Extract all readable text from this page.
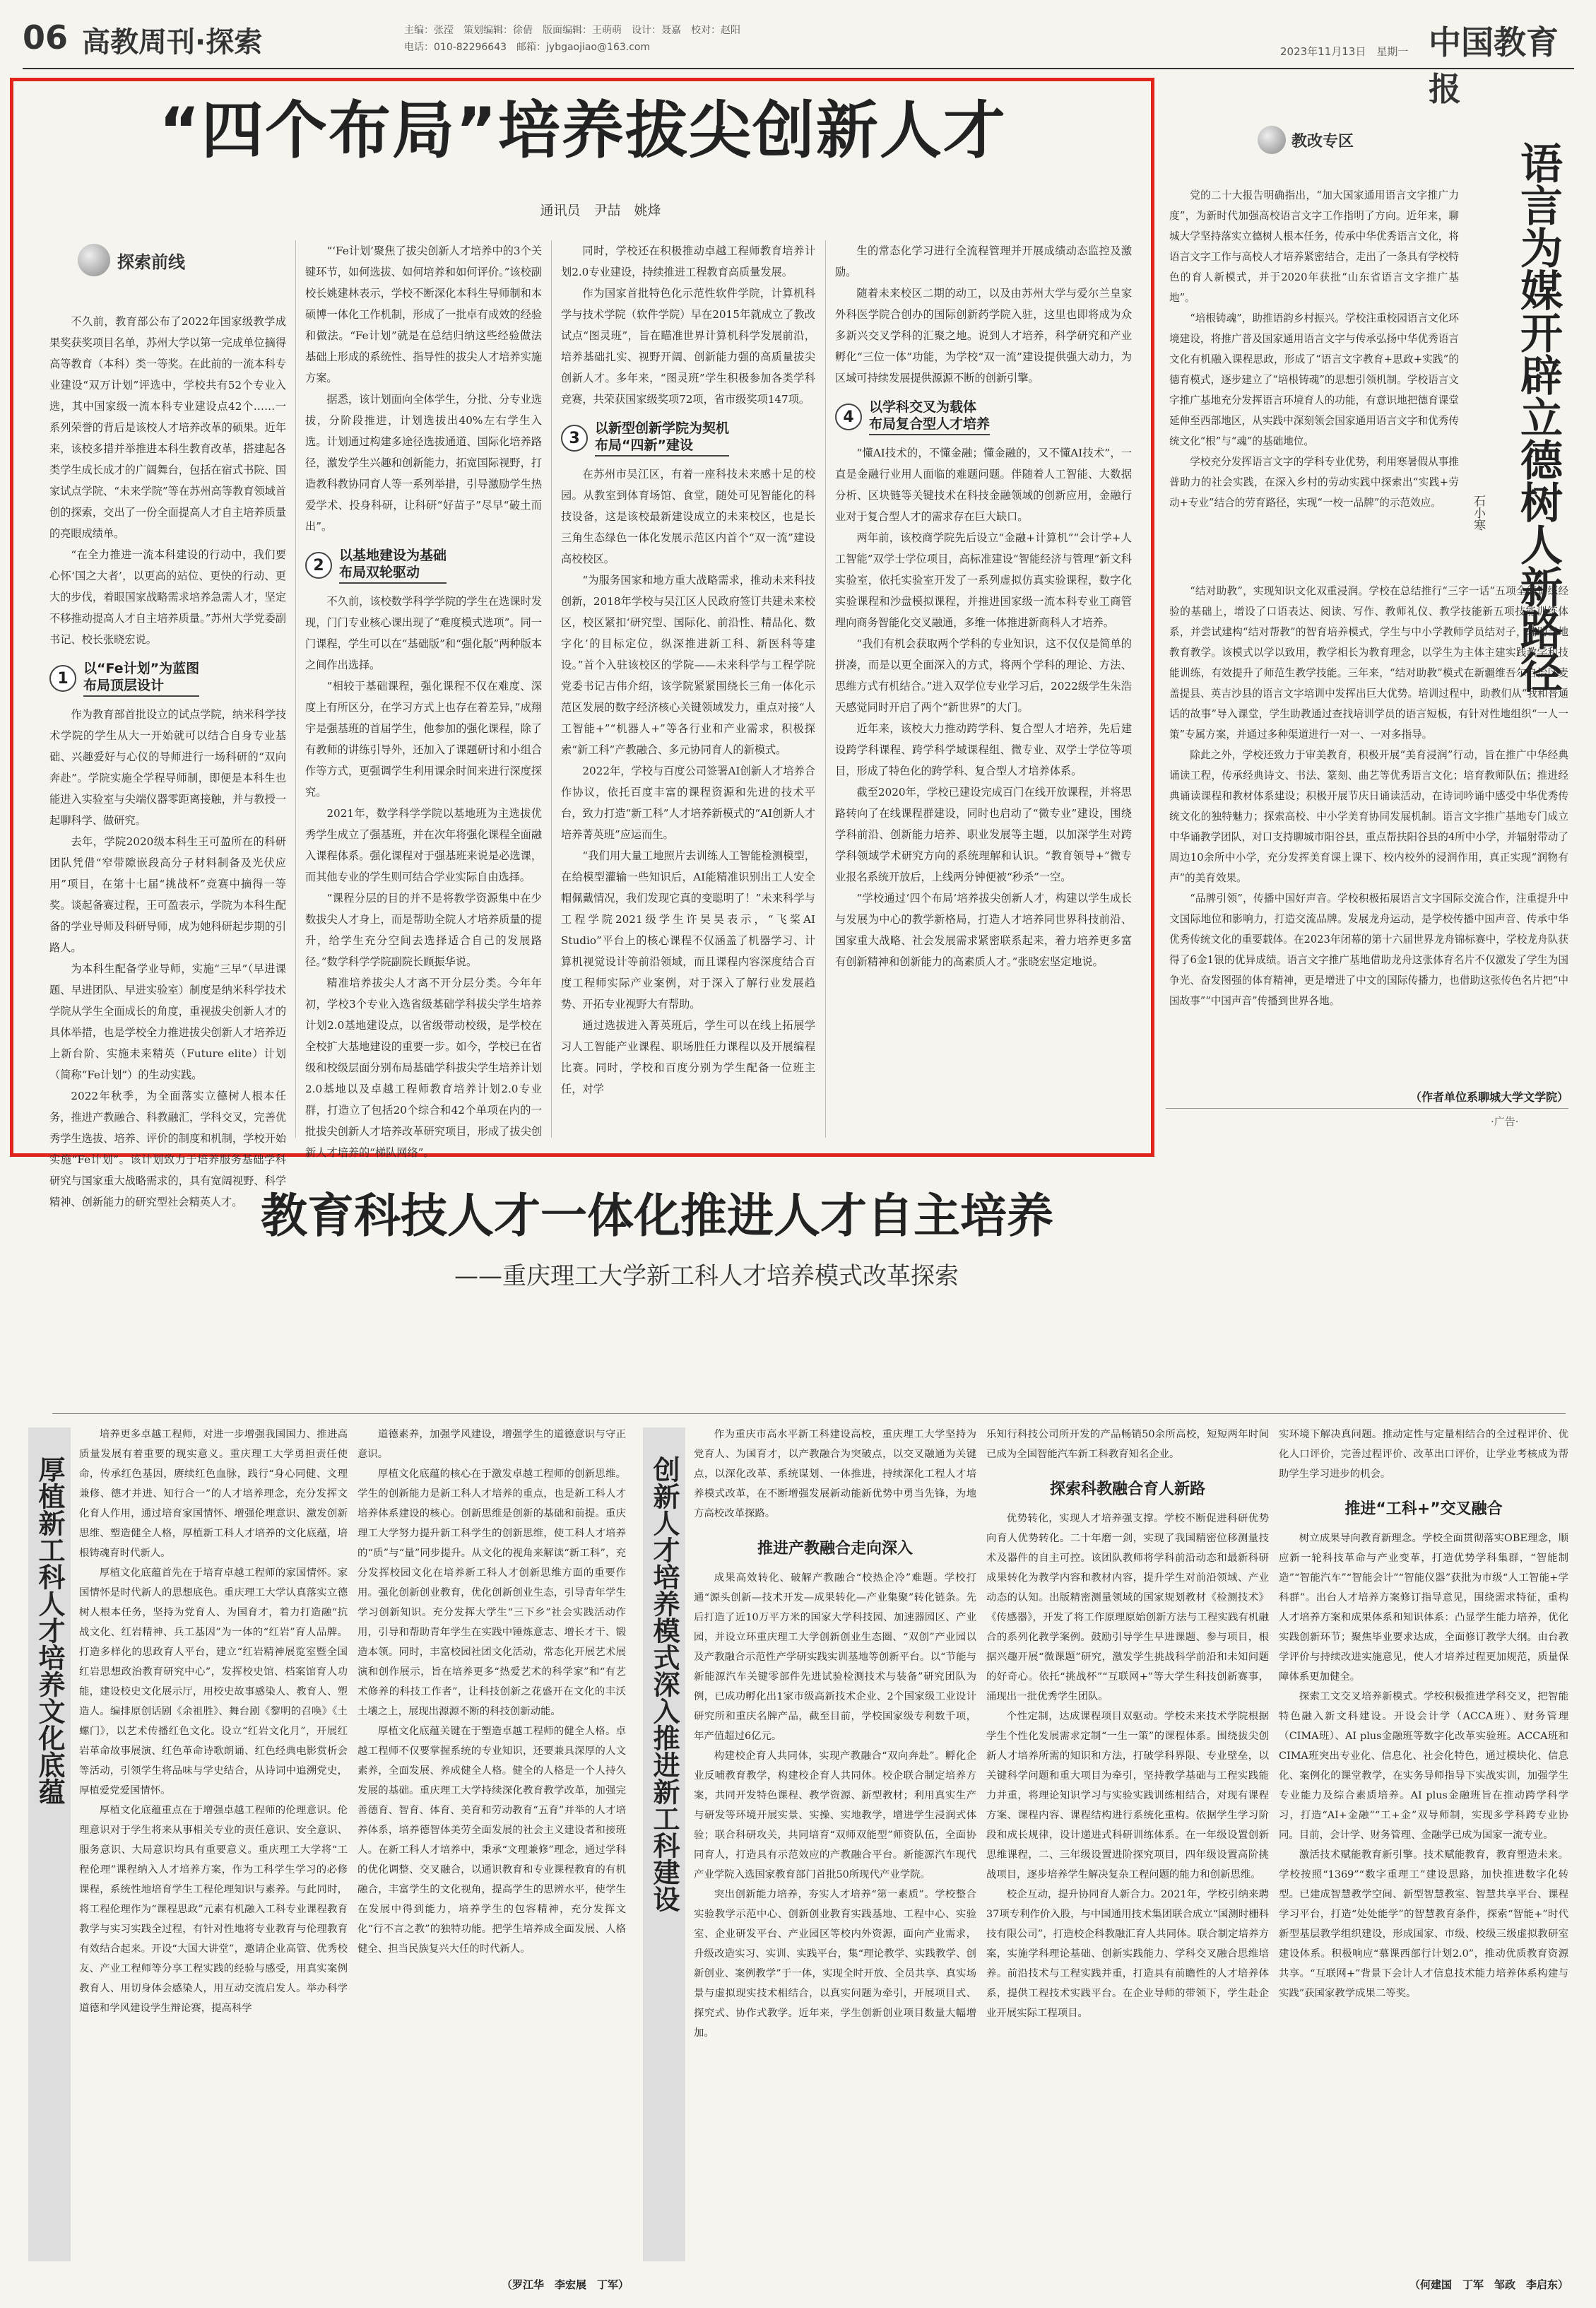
06 高教周刊·探索	主编：张滢　策划编辑：徐倩　版面编辑：王萌萌　设计：聂嘉　校对：赵阳
电话：010-82296643　邮箱：jybgaojiao@163.com	2023年11月13日　星期一 中国教育报
“四个布局”培养拔尖创新人才
通讯员　尹喆　姚烽
探索前线

不久前，教育部公布了2022年国家级教学成果奖获奖项目名单，苏州大学以第一完成单位摘得高等教育（本科）类一等奖。在此前的一流本科专业建设“双万计划”评选中，学校共有52个专业入选，其中国家级一流本科专业建设点42个……一系列荣誉的背后是该校人才培养改革的硕果。近年来，该校多措并举推进本科生教育改革，搭建起各类学生成长成才的广阔舞台，包括在宿式书院、国家试点学院、“未来学院”等在苏州高等教育领域首创的探索，交出了一份全面提高人才自主培养质量的亮眼成绩单。

“在全力推进一流本科建设的行动中，我们要心怀‘国之大者’，以更高的站位、更快的行动、更大的步伐，着眼国家战略需求培养急需人才，坚定不移推动提高人才自主培养质量。”苏州大学党委副书记、校长张晓宏说。

1
以“Fe计划”为蓝图
布局顶层设计

作为教育部首批设立的试点学院，纳米科学技术学院的学生从大一开始就可以结合自身专业基础、兴趣爱好与心仪的导师进行一场科研的“双向奔赴”。学院实施全学程导师制，即便是本科生也能进入实验室与尖端仪器零距离接触，并与教授一起聊科学、做研究。

去年，学院2020级本科生王可盈所在的科研团队凭借“窄带隙嵌段高分子材料制备及光伏应用”项目，在第十七届“挑战杯”竞赛中摘得一等奖。谈起备赛过程，王可盈表示，学院为本科生配备的学业导师及科研导师，成为她科研起步期的引路人。

为本科生配备学业导师，实施“三早”（早进课题、早进团队、早进实验室）制度是纳米科学技术学院从学生全面成长的角度，重视拔尖创新人才的具体举措，也是学校全力推进拔尖创新人才培养迈上新台阶、实施未来精英（Future elite）计划（简称“Fe计划”）的生动实践。

2022年秋季，为全面落实立德树人根本任务，推进产教融合、科教融汇，学科交叉，完善优秀学生选拔、培养、评价的制度和机制，学校开始实施“Fe计划”。该计划致力于培养服务基础学科研究与国家重大战略需求的，具有宽阔视野、科学精神、创新能力的研究型社会精英人才。

“‘Fe计划’聚焦了拔尖创新人才培养中的3个关键环节，如何选拔、如何培养和如何评价。”该校副校长姚建林表示，学校不断深化本科生导师制和本硕博一体化工作机制，形成了一批卓有成效的经验和做法。“Fe计划”就是在总结归纳这些经验做法基础上形成的系统性、指导性的拔尖人才培养实施方案。

据悉，该计划面向全体学生，分批、分专业选拔，分阶段推进，计划选拔出40%左右学生入选。计划通过构建多途径选拔通道、国际化培养路径，激发学生兴趣和创新能力，拓宽国际视野，打造教科教协同育人等一系列举措，引导激励学生热爱学术、投身科研，让科研“好苗子”尽早“破土而出”。

2
以基地建设为基础
布局双轮驱动

不久前，该校数学科学学院的学生在选课时发现，门门专业核心课出现了“难度模式选项”。同一门课程，学生可以在“基础版”和“强化版”两种版本之间作出选择。

“相较于基础课程，强化课程不仅在难度、深度上有所区分，在学习方式上也存在着差异，”成翔宇是强基班的首届学生，他参加的强化课程，除了有教师的讲练引导外，还加入了课题研讨和小组合作等方式，更强调学生利用课余时间来进行深度探究。

2021年，数学科学学院以基地班为主选拔优秀学生成立了强基班，并在次年将强化课程全面融入课程体系。强化课程对于强基班来说是必选课，而其他专业的学生则可结合学业实际自由选择。

“课程分层的目的并不是将教学资源集中在少数拔尖人才身上，而是帮助全院人才培养质量的提升，给学生充分空间去选择适合自己的发展路径。”数学科学学院副院长顾振华说。

精准培养拔尖人才离不开分层分类。今年年初，学校3个专业入选省级基础学科拔尖学生培养计划2.0基地建设点，以省级带动校级，是学校在全校扩大基地建设的重要一步。如今，学校已在省级和校级层面分别布局基础学科拔尖学生培养计划2.0基地以及卓越工程师教育培养计划2.0专业群，打造立了包括20个综合和42个单项在内的一批拔尖创新人才培养改革研究项目，形成了拔尖创新人才培养的“梯队网络”。

同时，学校还在积极推动卓越工程师教育培养计划2.0专业建设，持续推进工程教育高质量发展。

作为国家首批特色化示范性软件学院，计算机科学与技术学院（软件学院）早在2015年就成立了教改试点“图灵班”，旨在瞄准世界计算机科学发展前沿，培养基础扎实、视野开阔、创新能力强的高质量拔尖创新人才。多年来，“图灵班”学生积极参加各类学科竞赛，共荣获国家级奖项72项，省市级奖项147项。

3
以新型创新学院为契机
布局“四新”建设

在苏州市吴江区，有着一座科技未来感十足的校园。从教室到体育场馆、食堂，随处可见智能化的科技设备，这是该校最新建设成立的未来校区，也是长三角生态绿色一体化发展示范区内首个“双一流”建设高校校区。

“为服务国家和地方重大战略需求，推动未来科技创新，2018年学校与吴江区人民政府签订共建未来校区，校区紧扣‘研究型、国际化、前沿性、精品化、数字化’的目标定位，纵深推进新工科、新医科等建设。”首个入驻该校区的学院——未来科学与工程学院党委书记吉伟介绍，该学院紧紧围绕长三角一体化示范区发展的数字经济核心关键领域发力，重点对接“人工智能+”“机器人+”等各行业和产业需求，积极探索“新工科”产教融合、多元协同育人的新模式。

2022年，学校与百度公司签署AI创新人才培养合作协议，依托百度丰富的课程资源和先进的技术平台，致力打造“新工科”人才培养新模式的“AI创新人才培养菁英班”应运而生。

“我们用大量工地照片去训练人工智能检测模型，在给模型灌输一些知识后，AI能精准识别出工人安全帽佩戴情况，我们发现它真的变聪明了！”未来科学与工程学院2021级学生许昊昊表示，“飞桨AI Studio”平台上的核心课程不仅涵盖了机器学习、计算机视觉设计等前沿领域，而且课程内容深度结合百度工程师实际产业案例，对于深入了解行业发展趋势、开拓专业视野大有帮助。

通过选拔进入菁英班后，学生可以在线上拓展学习人工智能产业课程、职场胜任力课程以及开展编程比赛。同时，学校和百度分别为学生配备一位班主任，对学

生的常态化学习进行全流程管理并开展成绩动态监控及激励。

随着未来校区二期的动工，以及由苏州大学与爱尔兰皇家外科医学院合创办的国际创新药学院入驻，这里也即将成为众多新兴交叉学科的汇聚之地。说到人才培养，科学研究和产业孵化“三位一体”功能，为学校“双一流”建设提供强大动力，为区域可持续发展提供源源不断的创新引擎。

4
以学科交叉为载体
布局复合型人才培养

“懂AI技术的，不懂金融；懂金融的，又不懂AI技术”，一直是金融行业用人面临的难题问题。伴随着人工智能、大数据分析、区块链等关键技术在科技金融领域的创新应用，金融行业对于复合型人才的需求存在巨大缺口。

两年前，该校商学院先后设立“金融+计算机”“会计学+人工智能”双学士学位项目，高标准建设“智能经济与管理”新文科实验室，依托实验室开发了一系列虚拟仿真实验课程，数字化实验课程和沙盘模拟课程，并推进国家级一流本科专业工商管理向商务智能化交叉融通，多维一体推进新商科人才培养。

“我们有机会获取两个学科的专业知识，这不仅仅是简单的拼凑，而是以更全面深入的方式，将两个学科的理论、方法、思维方式有机结合。”进入双学位专业学习后，2022级学生朱浩天感觉同时开启了两个“新世界”的大门。

近年来，该校大力推动跨学科、复合型人才培养，先后建设跨学科课程、跨学科学域课程组、微专业、双学士学位等项目，形成了特色化的跨学科、复合型人才培养体系。

截至2020年，学校已建设完成百门在线开放课程，并将思路转向了在线课程群建设，同时也启动了“微专业”建设，围绕学科前沿、创新能力培养、职业发展等主题，以加深学生对跨学科领域学术研究方向的系统理解和认识。“教育领导+”微专业报名系统开放后，上线两分钟便被“秒杀”一空。

“学校通过‘四个布局’培养拔尖创新人才，构建以学生成长与发展为中心的教学新格局，打造人才培养同世界科技前沿、国家重大战略、社会发展需求紧密联系起来，着力培养更多富有创新精神和创新能力的高素质人才。”张晓宏坚定地说。

教改专区	语言为媒开辟立德树人新路径
石小寒

党的二十大报告明确指出，“加大国家通用语言文字推广力度”，为新时代加强高校语言文字工作指明了方向。近年来，聊城大学坚持落实立德树人根本任务，传承中华优秀语言文化，将语言文字工作与高校人才培养紧密结合，走出了一条具有学校特色的育人新模式，并于2020年获批“山东省语言文字推广基地”。

“培根铸魂”，助推语韵乡村振兴。学校注重校园语言文化环境建设，将推广普及国家通用语言文字与传承弘扬中华优秀语言文化有机融入课程思政，形成了“语言文字教育+思政+实践”的德育模式，逐步建立了“培根铸魂”的思想引领机制。学校语言文字推广基地充分发挥语言环境育人的功能，有意识地把德育课堂延伸至西部地区，从实践中深刻领会国家通用语言文字和优秀传统文化“根”与“魂”的基础地位。

学校充分发挥语言文字的学科专业优势，利用寒暑假从事推普助力的社会实践，在深入乡村的劳动实践中探索出“实践+劳动+专业”结合的劳育路径，实现“一校一品牌”的示范效应。

“结对助教”，实现知识文化双重浸润。学校在总结推行“三字一话”五项全能训练经验的基础上，增设了口语表达、阅读、写作、教师礼仪、教学技能新五项技能训练体系，并尝试建构“结对帮教”的智育培养模式，学生与中小学教师学员结对子，辅助当地教育教学。该模式以学以致用，教学相长为教育理念，以学生为主体主建实践教学和技能训练，有效提升了师范生教学技能。三年来，“结对助教”模式在新疆维吾尔自治区麦盖提县、英吉沙县的语言文字培训中发挥出巨大优势。培训过程中，助教们从“我和普通话的故事”导入课堂，学生助教通过查找培训学员的语言短板，有针对性地组织“一人一策”专属方案，并通过多种渠道进行一对一、一对多指导。

除此之外，学校还致力于审美教育，积极开展“美育浸润”行动，旨在推广中华经典诵读工程，传承经典诗文、书法、篆刻、曲艺等优秀语言文化；培育教师队伍；推进经典诵读课程和教材体系建设；积极开展节庆日诵读活动，在诗词吟诵中感受中华优秀传统文化的独特魅力；探索高校、中小学美育协同发展机制。语言文字推广基地专门成立中华诵教学团队，对口支持聊城市阳谷县，重点帮扶阳谷县的4所中小学，并辐射带动了周边10余所中小学，充分发挥美育课上课下、校内校外的浸润作用，真正实现“润物有声”的美育效果。

“品牌引领”，传播中国好声音。学校积极拓展语言文字国际交流合作，注重提升中文国际地位和影响力，打造交流品牌。发展龙舟运动，是学校传播中国声音、传承中华优秀传统文化的重要载体。在2023年闭幕的第十六届世界龙舟锦标赛中，学校龙舟队获得了6金1银的优异成绩。语言文字推广基地借助龙舟这张体育名片不仅激发了学生为国争光、奋发图强的体育精神，更是增进了中文的国际传播力，也借助这张传色名片把“中国故事”“中国声音”传播到世界各地。

（作者单位系聊城大学文学院）
·广告·
教育科技人才一体化推进人才自主培养
——重庆理工大学新工科人才培养模式改革探索
厚植新工科人才培养文化底蕴

培养更多卓越工程师，对进一步增强我国国力、推进高质量发展有着重要的现实意义。重庆理工大学勇担责任使命，传承红色基因，赓续红色血脉，践行“身心同健、文理兼修、德才并进、知行合一”的人才培养理念，充分发挥文化育人作用，通过培育家国情怀、增强伦理意识、激发创新思维、塑造健全人格，厚植新工科人才培养的文化底蕴，培根铸魂育时代新人。

厚植文化底蕴首先在于培育卓越工程师的家国情怀。家国情怀是时代新人的思想底色。重庆理工大学认真落实立德树人根本任务，坚持为党育人、为国育才，着力打造融“抗战文化、红岩精神、兵工基因”为一体的“红岩”育人品牌。打造多样化的思政育人平台，建立“红岩精神展览室暨全国红岩思想政治教育研究中心”，发挥校史馆、档案馆育人功能，建设校史文化展示厅，用校史故事感染人、教育人、塑造人。编排原创话剧《余祖胜》、舞台剧《黎明的召唤》《土螺门》，以艺术传播红色文化。设立“红岩文化月”，开展红岩革命故事展演、红色革命诗歌朗诵、红色经典电影赏析会等活动，引领学生将品味与学史结合，从诗词中追溯党史，厚植爱党爱国情怀。

厚植文化底蕴重点在于增强卓越工程师的伦理意识。伦理意识对于学生将来从事相关专业的责任意识、安全意识、服务意识、大局意识均具有重要意义。重庆理工大学将“工程伦理”课程纳入人才培养方案，作为工科学生学习的必修课程，系统性地培育学生工程伦理知识与素养。与此同时，将工程伦理作为“课程思政”元素有机融入工科专业课程教育教学与实习实践全过程，有针对性地将专业教育与伦理教育有效结合起来。开设“大国大讲堂”，邀请企业高管、优秀校友、产业工程师等分享工程实践的经验与感受，用真实案例教育人、用切身体会感染人，用互动交流启发人。举办科学道德和学风建设学生辩论赛，提高科学

道德素养，加强学风建设，增强学生的道德意识与守正意识。

厚植文化底蕴的核心在于激发卓越工程师的创新思维。学生的创新能力是新工科人才培养的重点，也是新工科人才培养体系建设的核心。创新思维是创新的基础和前提。重庆理工大学努力提升新工科学生的创新思维，使工科人才培养的“质”与“量”同步提升。从文化的视角来解读“新工科”，充分发挥校园文化在培养新工科人才创新思维方面的重要作用。强化创新创业教育，优化创新创业生态，引导青年学生学习创新知识。充分发挥大学生“三下乡”社会实践活动作用，引导和帮助青年学生在实践中锤炼意志、增长才干、锻造本领。同时，丰富校园社团文化活动，常态化开展艺术展演和创作展示，旨在培养更多“热爱艺术的科学家”和“有艺术修养的科技工作者”，让科技创新之花盛开在文化的丰沃土壤之上，展现出源源不断的科技创新动能。

厚植文化底蕴关键在于塑造卓越工程师的健全人格。卓越工程师不仅要掌握系统的专业知识，还要兼具深厚的人文素养，全面发展、养成健全人格。健全的人格是一个人持久发展的基础。重庆理工大学持续深化教育教学改革，加强完善德育、智育、体育、美育和劳动教育“五育”并举的人才培养体系，培养德智体美劳全面发展的社会主义建设者和接班人。在新工科人才培养中，秉承“文理兼修”理念，通过学科的优化调整、交叉融合，以通识教育和专业课程教育的有机融合，丰富学生的文化视角，提高学生的思辨水平，使学生在发展中得到能力，培养学生的包容精神，充分发挥文化“行不言之教”的独特功能。把学生培养成全面发展、人格健全、担当民族复兴大任的时代新人。

（罗江华　李宏展　丁军）
创新人才培养模式深入推进新工科建设

作为重庆市高水平新工科建设高校，重庆理工大学坚持为党育人、为国育才，以产教融合为突破点，以交叉融通为关键点，以深化改革、系统谋划、一体推进，持续深化工程人才培养模式改革，在不断增强发展新动能新优势中勇当先锋，为地方高校改革探路。

推进产教融合走向深入

成果高效转化、破解产教融合“校热企冷”难题。学校打通“源头创新—技术开发—成果转化—产业集聚”转化链条。先后打造了近10万平方米的国家大学科技园、加速器园区、产业园，并设立环重庆理工大学创新创业生态圈、“双创”产业园以及产教融合示范性产学研实践实训基地等创新平台。以“节能与新能源汽车关键零部件先进试验检测技术与装备”研究团队为例，已成功孵化出1家市级高新技术企业、2个国家级工业设计研究所和重庆名牌产品，截至目前，学校国家级专利数千项，年产值超过6亿元。

构建校企育人共同体，实现产教融合“双向奔赴”。孵化企业反哺教育教学，构建校企育人共同体。校企联合制定培养方案，共同开发特色课程、教学资源、新型教材；利用真实生产与研发等环境开展实景、实操、实地教学，增进学生浸润式体验；联合科研攻关，共同培育“双师双能型”师资队伍，全面协同育人，打造具有示范效应的产教融合平台。新能源汽车现代产业学院入选国家教育部门首批50所现代产业学院。

突出创新能力培养，夯实人才培养“第一素质”。学校整合实验教学示范中心、创新创业教育实践基地、工程中心、实验室、企业研发平台、产业园区等校内外资源，面向产业需求，升级改造实习、实训、实践平台，集“理论教学、实践教学、创新创业、案例教学”于一体，实现全时开放、全员共享、真实场景与虚拟现实技术相结合，以真实问题为牵引，开展项目式、探究式、协作式教学。近年来，学生创新创业项目数量大幅增加。

乐知行科技公司所开发的产品畅销50余所高校，短短两年时间已成为全国智能汽车新工科教育知名企业。

探索科教融合育人新路

优势转化，实现人才培养强支撑。学校不断促进科研优势向育人优势转化。二十年磨一剑，实现了我国精密位移测量技术及器件的自主可控。该团队教师将学科前沿动态和最新科研成果转化为教学内容和教材内容，提升学生对前沿领域、产业动态的认知。出版精密测量领域的国家规划教材《检测技术》《传感器》，开发了将工作原理原始创新方法与工程实践有机融合的系列化教学案例。鼓励引导学生早进课题、参与项目，根据兴趣开展“微课题”研究，激发学生挑战科学前沿和未知问题的好奇心。依托“挑战杯”“互联网+”等大学生科技创新赛事，涌现出一批优秀学生团队。

个性定制，达成课程项目双驱动。学校未来技术学院根据学生个性化发展需求定制“一生一策”的课程体系。围绕拔尖创新人才培养所需的知识和方法，打破学科界限、专业壁垒，以关键科学问题和重大项目为牵引，坚持教学基础与工程实践能力并重，将理论知识学习与实验实践训练相结合，对现有课程方案、课程内容、课程结构进行系统化重构。依据学生学习阶段和成长规律，设计递进式科研训练体系。在一年级设置创新思维课程，二、三年级设置进阶探究项目，四年级设置高阶挑战项目，逐步培养学生解决复杂工程问题的能力和创新思维。

校企互动，提升协同育人新合力。2021年，学校引纳来聘37项专利作价入股，与中国通用技术集团联合成立“国测时栅科技有限公司”，打造校企科教融汇育人共同体。联合制定培养方案，实施学科理论基础、创新实践能力、学科交叉融合思维培养。前沿技术与工程实践并重，打造具有前瞻性的人才培养体系，提供工程技术实践平台。在企业导师的带领下，学生赴企业开展实际工程项目。

实环境下解决真问题。推动定性与定量相结合的全过程评价、优化人口评价，完善过程评价、改革出口评价，让学业考核成为帮助学生学习进步的机会。

推进“工科+”交叉融合

树立成果导向教育新理念。学校全面贯彻落实OBE理念，顺应新一轮科技革命与产业变革，打造优势学科集群，“智能制造”“智能汽车”“智能会计”“智能仪器”获批为市级“人工智能+学科群”。出台人才培养方案修订指导意见，围绕需求特征，重构人才培养方案和成果体系和知识体系：凸显学生能力培养，优化实践创新环节；聚焦毕业要求达成，全面修订教学大纲。由台教学评价与持续改进实施意见，使人才培养过程更加规范，质量保障体系更加健全。

探索工文交叉培养新模式。学校积极推进学科交叉，把智能特色融入新文科建设。开设会计学（ACCA班）、财务管理（CIMA班）、AI plus金融班等数字化改革实验班。ACCA班和CIMA班突出专业化、信息化、社会化特色，通过模块化、信息化、案例化的课堂教学，在实务导师指导下实战实训，加强学生专业能力及综合素质培养。AI plus金融班旨在推动跨学科学习，打造“AI+金融”“工+金”双导师制，实现多学科跨专业协同。目前，会计学、财务管理、金融学已成为国家一流专业。

激活技术赋能教育新引擎。技术赋能教育，教育塑造未来。学校按照“1369”“数字重理工”建设思路，加快推进数字化转型。已建成智慧教学空间、新型智慧教室、智慧共享平台、课程学习平台，打造“处处能学”的智慧教育条件，探索“智能+”时代新型基层教学组织建设，形成国家、市级、校级三级虚拟教研室建设体系。积极响应“慕课西部行计划2.0”，推动优质教育资源共享。“互联网+”背景下会计人才信息技术能力培养体系构建与实践”获国家教学成果二等奖。

（何建国　丁军　邹政　李启东）
